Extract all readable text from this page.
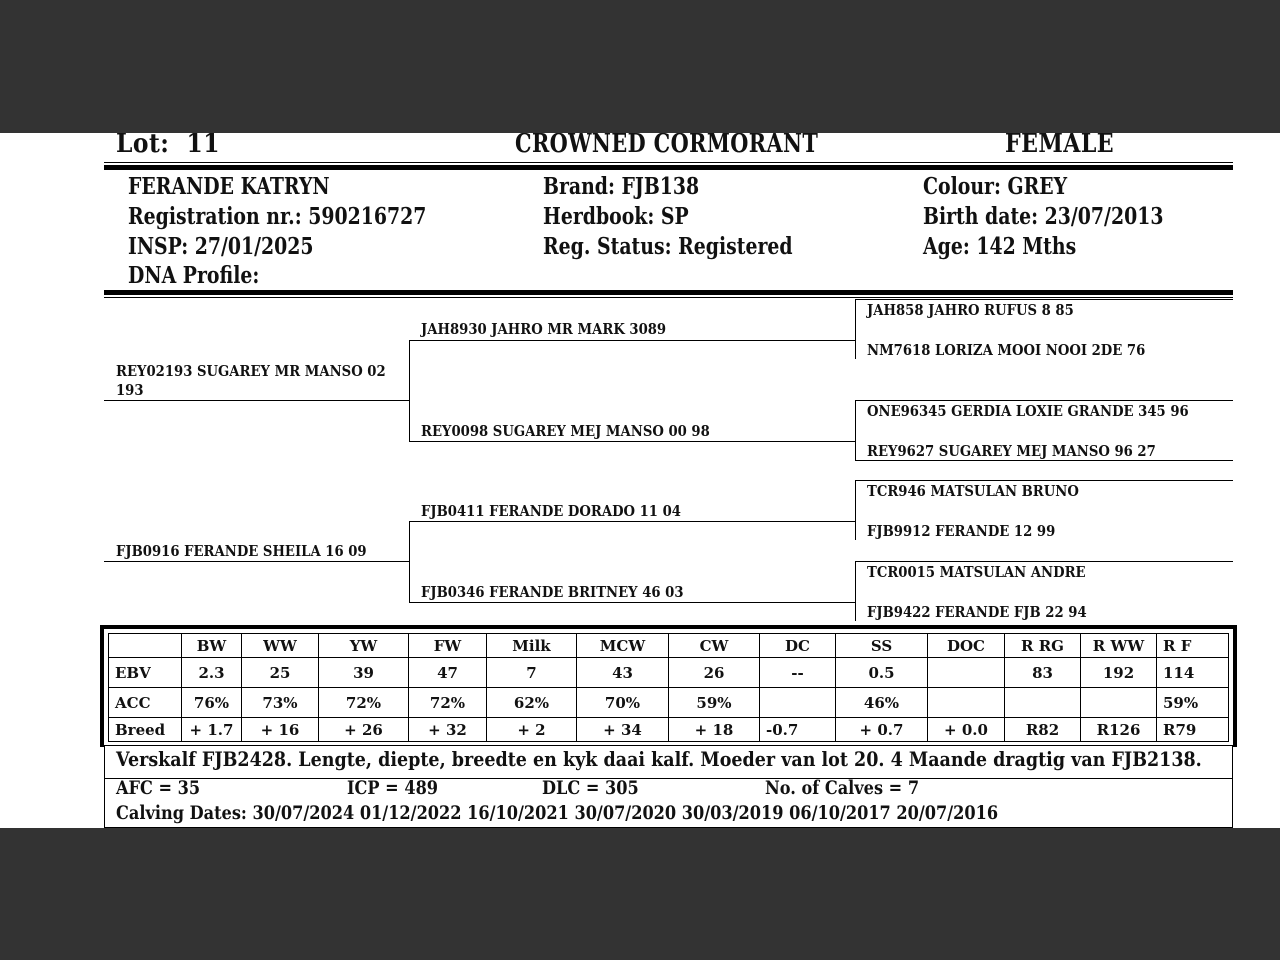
Lot: 11	CROWNED CORMORANT	FEMALE
FERANDE KATRYN
Registration nr.: 590216727
INSP: 27/01/2025
DNA Profile:
Brand: FJB138
Herdbook: SP
Reg. Status: Registered
Colour: GREY
Birth date: 23/07/2013
Age: 142 Mths
REY02193 SUGAREY MR MANSO 02 193
FJB0916 FERANDE SHEILA 16 09
JAH8930 JAHRO MR MARK 3089
REY0098 SUGAREY MEJ MANSO 00 98
FJB0411 FERANDE DORADO 11 04
FJB0346 FERANDE BRITNEY 46 03
JAH858 JAHRO RUFUS 8 85
NM7618 LORIZA MOOI NOOI 2DE 76
ONE96345 GERDIA LOXIE GRANDE 345 96
REY9627 SUGAREY MEJ MANSO 96 27
TCR946 MATSULAN BRUNO
FJB9912 FERANDE 12 99
TCR0015 MATSULAN ANDRE
FJB9422 FERANDE FJB 22 94
	BW	WW	YW	FW	Milk	MCW	CW	DC	SS	DOC	R RG	R WW	R F
EBV	2.3	25	39	47	7	43	26	--	0.5		83	192	114
ACC	76%	73%	72%	72%	62%	70%	59%		46%				59%
Breed	+ 1.7	+ 16	+ 26	+ 32	+ 2	+ 34	+ 18	-0.7	+ 0.7	+ 0.0	R82	R126	R79
Verskalf FJB2428. Lengte, diepte, breedte en kyk daai kalf. Moeder van lot 20. 4 Maande dragtig van FJB2138.
AFC = 35	ICP = 489	DLC = 305	No. of Calves = 7
Calving Dates: 30/07/2024 01/12/2022 16/10/2021 30/07/2020 30/03/2019 06/10/2017 20/07/2016
